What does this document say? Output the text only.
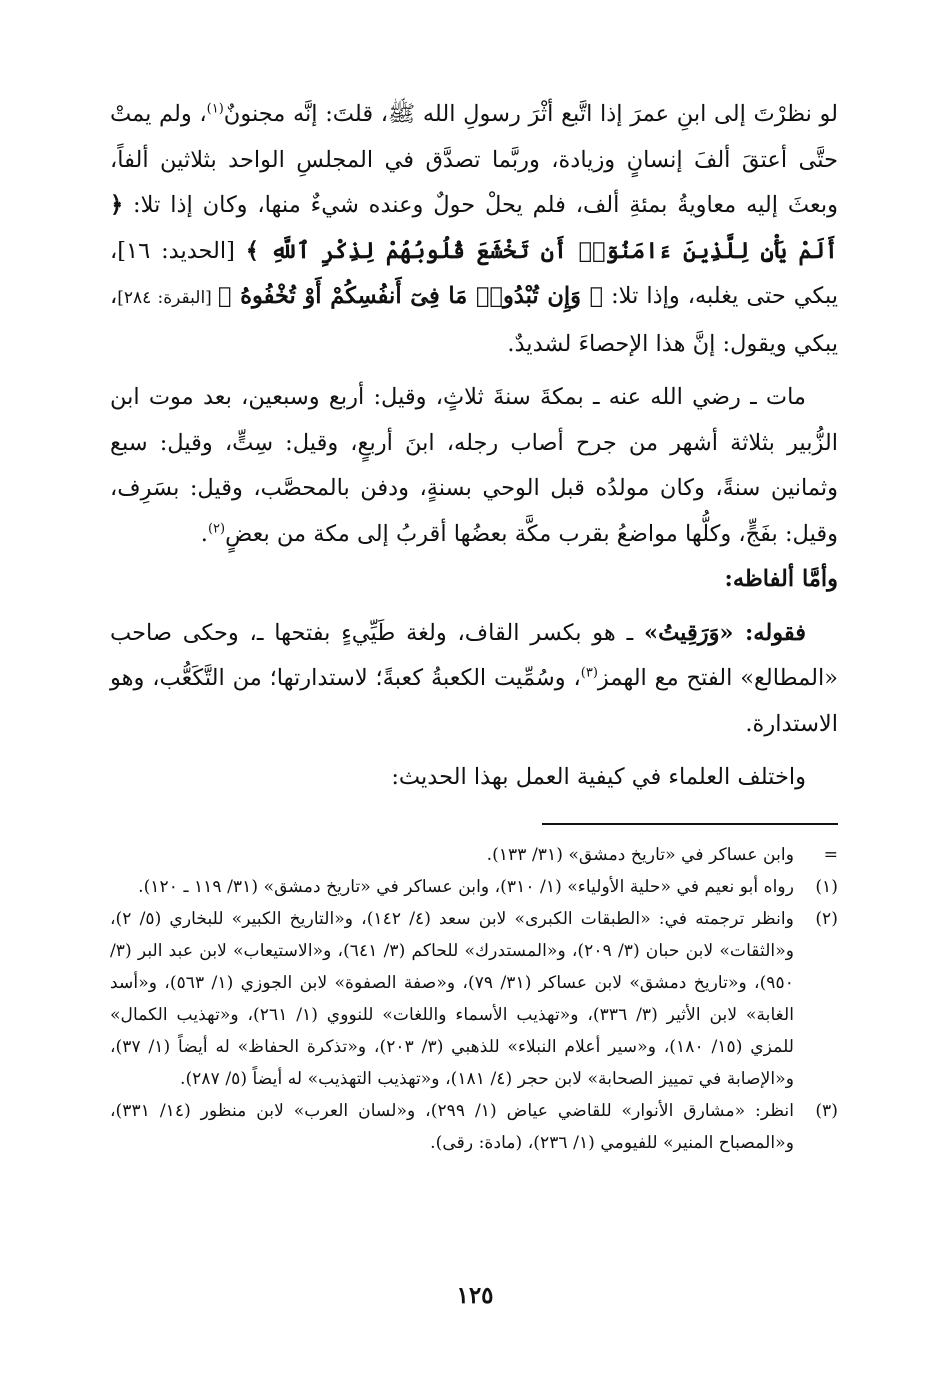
لو نظرْتَ إلى ابنِ عمرَ إذا اتَّبع أثْرَ رسولِ الله ﷺ، قلتَ: إنَّه مجنونٌ$^{(١)}$، ولم يمتْ حتَّى أعتقَ ألفَ إنسانٍ وزيادة، وربَّما تصدَّق في المجلسِ الواحد بثلاثين ألفاً، وبعثَ إليه معاويةُ بمئةِ ألف، فلم يحلْ حولٌ وعنده شيءٌ منها، وكان إذا تلا: ﴿ أَلَمْ يَأْنِ لِلَّذِينَ ءَامَنُوٓا۟ أَن تَخْشَعَ قُلُوبُهُمْ لِذِكْرِ ٱللَّهِ ﴾ [الحديد: ١٦]، يبكي حتى يغلبه، وإذا تلا: ﴿ وَإِن تُبْدُوا۟ مَا فِىٓ أَنفُسِكُمْ أَوْ تُخْفُوهُ ﴾ [البقرة: ٢٨٤]، يبكي ويقول: إنَّ هذا الإحصاءَ لشديدٌ.

مات ـ رضي الله عنه ـ بمكةَ سنةَ ثلاثٍ، وقيل: أربع وسبعين، بعد موت ابن الزُّبير بثلاثة أشهر من جرح أصاب رجله، ابنَ أربعٍ، وقيل: سِتٍّ، وقيل: سبع وثمانين سنةً، وكان مولدُه قبل الوحي بسنةٍ، ودفن بالمحصَّب، وقيل: بسَرِف، وقيل: بفَجٍّ، وكلُّها مواضعُ بقرب مكَّة بعضُها أقربُ إلى مكة من بعضٍ$^{(٢)}$.

وأمَّا ألفاظه:

فقوله: «وَرَقِيتُ» ـ هو بكسر القاف، ولغة طَيِّيءٍ بفتحها ـ، وحكى صاحب «المطالع» الفتح مع الهمز$^{(٣)}$، وسُمِّيت الكعبةُ كعبةً؛ لاستدارتها؛ من التَّكَعُّب، وهو الاستدارة.

واختلف العلماء في كيفية العمل بهذا الحديث:

=
وابن عساكر في «تاريخ دمشق» (٣١/ ١٣٣).
(١)
رواه أبو نعيم في «حلية الأولياء» (١/ ٣١٠)، وابن عساكر في «تاريخ دمشق» (٣١/ ١١٩ ـ ١٢٠).
(٢)
وانظر ترجمته في: «الطبقات الكبرى» لابن سعد (٤/ ١٤٢)، و«التاريخ الكبير» للبخاري (٥/ ٢)، و«الثقات» لابن حبان (٣/ ٢٠٩)، و«المستدرك» للحاكم (٣/ ٦٤١)، و«الاستيعاب» لابن عبد البر (٣/ ٩٥٠)، و«تاريخ دمشق» لابن عساكر (٣١/ ٧٩)، و«صفة الصفوة» لابن الجوزي (١/ ٥٦٣)، و«أسد الغابة» لابن الأثير (٣/ ٣٣٦)، و«تهذيب الأسماء واللغات» للنووي (١/ ٢٦١)، و«تهذيب الكمال» للمزي (١٥/ ١٨٠)، و«سير أعلام النبلاء» للذهبي (٣/ ٢٠٣)، و«تذكرة الحفاظ» له أيضاً (١/ ٣٧)، و«الإصابة في تمييز الصحابة» لابن حجر (٤/ ١٨١)، و«تهذيب التهذيب» له أيضاً (٥/ ٢٨٧).
(٣)
انظر: «مشارق الأنوار» للقاضي عياض (١/ ٢٩٩)، و«لسان العرب» لابن منظور (١٤/ ٣٣١)، و«المصباح المنير» للفيومي (١/ ٢٣٦)، (مادة: رقى).
١٢٥
